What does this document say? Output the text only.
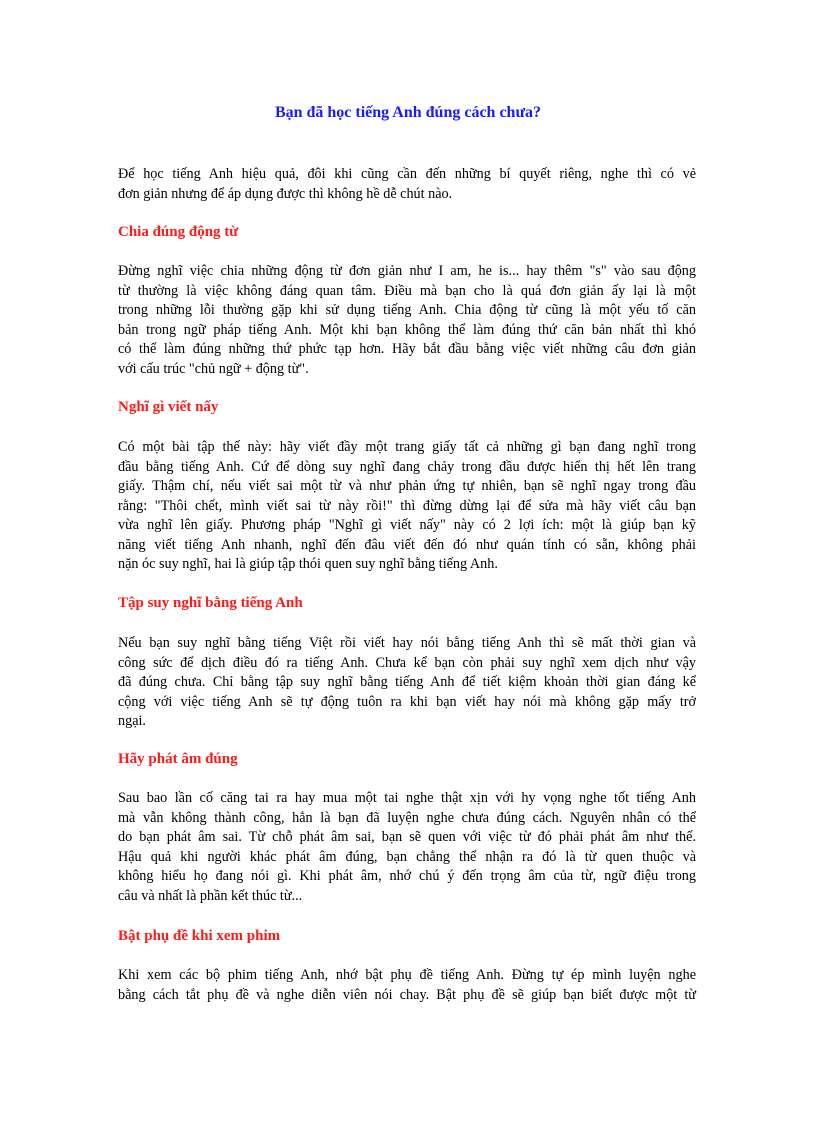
Bạn đã học tiếng Anh đúng cách chưa?

Để học tiếng Anh hiệu quả, đôi khi cũng cần đến những bí quyết riêng, nghe thì có vẻ
đơn giản nhưng để áp dụng được thì không hề dễ chút nào.

Chia đúng động từ

Đừng nghĩ việc chia những động từ đơn giản như I am, he is... hay thêm "s" vào sau động
từ thường là việc không đáng quan tâm. Điều mà bạn cho là quá đơn giản ấy lại là một
trong những lỗi thường gặp khi sử dụng tiếng Anh. Chia động từ cũng là một yếu tố căn
bản trong ngữ pháp tiếng Anh. Một khi bạn không thể làm đúng thứ căn bản nhất thì khó
có thể làm đúng những thứ phức tạp hơn. Hãy bắt đầu bằng việc viết những câu đơn giản
với cấu trúc "chủ ngữ + động từ".

Nghĩ gì viết nấy

Có một bài tập thế này: hãy viết đầy một trang giấy tất cả những gì bạn đang nghĩ trong
đầu bằng tiếng Anh. Cứ để dòng suy nghĩ đang chảy trong đầu được hiển thị hết lên trang
giấy. Thậm chí, nếu viết sai một từ và như phản ứng tự nhiên, bạn sẽ nghĩ ngay trong đầu
rằng: "Thôi chết, mình viết sai từ này rồi!" thì đừng dừng lại để sửa mà hãy viết câu bạn
vừa nghĩ lên giấy. Phương pháp "Nghĩ gì viết nấy" này có 2 lợi ích: một là giúp bạn kỹ
năng viết tiếng Anh nhanh, nghĩ đến đâu viết đến đó như quán tính có sẵn, không phải
nặn óc suy nghĩ, hai là giúp tập thói quen suy nghĩ bằng tiếng Anh.

Tập suy nghĩ bằng tiếng Anh

Nếu bạn suy nghĩ bằng tiếng Việt rồi viết hay nói bằng tiếng Anh thì sẽ mất thời gian và
công sức để dịch điều đó ra tiếng Anh. Chưa kể bạn còn phải suy nghĩ xem dịch như vậy
đã đúng chưa. Chỉ bằng tập suy nghĩ bằng tiếng Anh để tiết kiệm khoản thời gian đáng kể
cộng với việc tiếng Anh sẽ tự động tuôn ra khi bạn viết hay nói mà không gặp mấy trở
ngại.

Hãy phát âm đúng

Sau bao lần cố căng tai ra hay mua một tai nghe thật xịn với hy vọng nghe tốt tiếng Anh
mà vẫn không thành công, hẳn là bạn đã luyện nghe chưa đúng cách. Nguyên nhân có thể
do bạn phát âm sai. Từ chỗ phát âm sai, bạn sẽ quen với việc từ đó phải phát âm như thế.
Hậu quả khi người khác phát âm đúng, bạn chẳng thể nhận ra đó là từ quen thuộc và
không hiểu họ đang nói gì. Khi phát âm, nhớ chú ý đến trọng âm của từ, ngữ điệu trong
câu và nhất là phần kết thúc từ...

Bật phụ đề khi xem phim

Khi xem các bộ phim tiếng Anh, nhớ bật phụ đề tiếng Anh. Đừng tự ép mình luyện nghe
bằng cách tắt phụ đề và nghe diễn viên nói chay. Bật phụ đề sẽ giúp bạn biết được một từ
